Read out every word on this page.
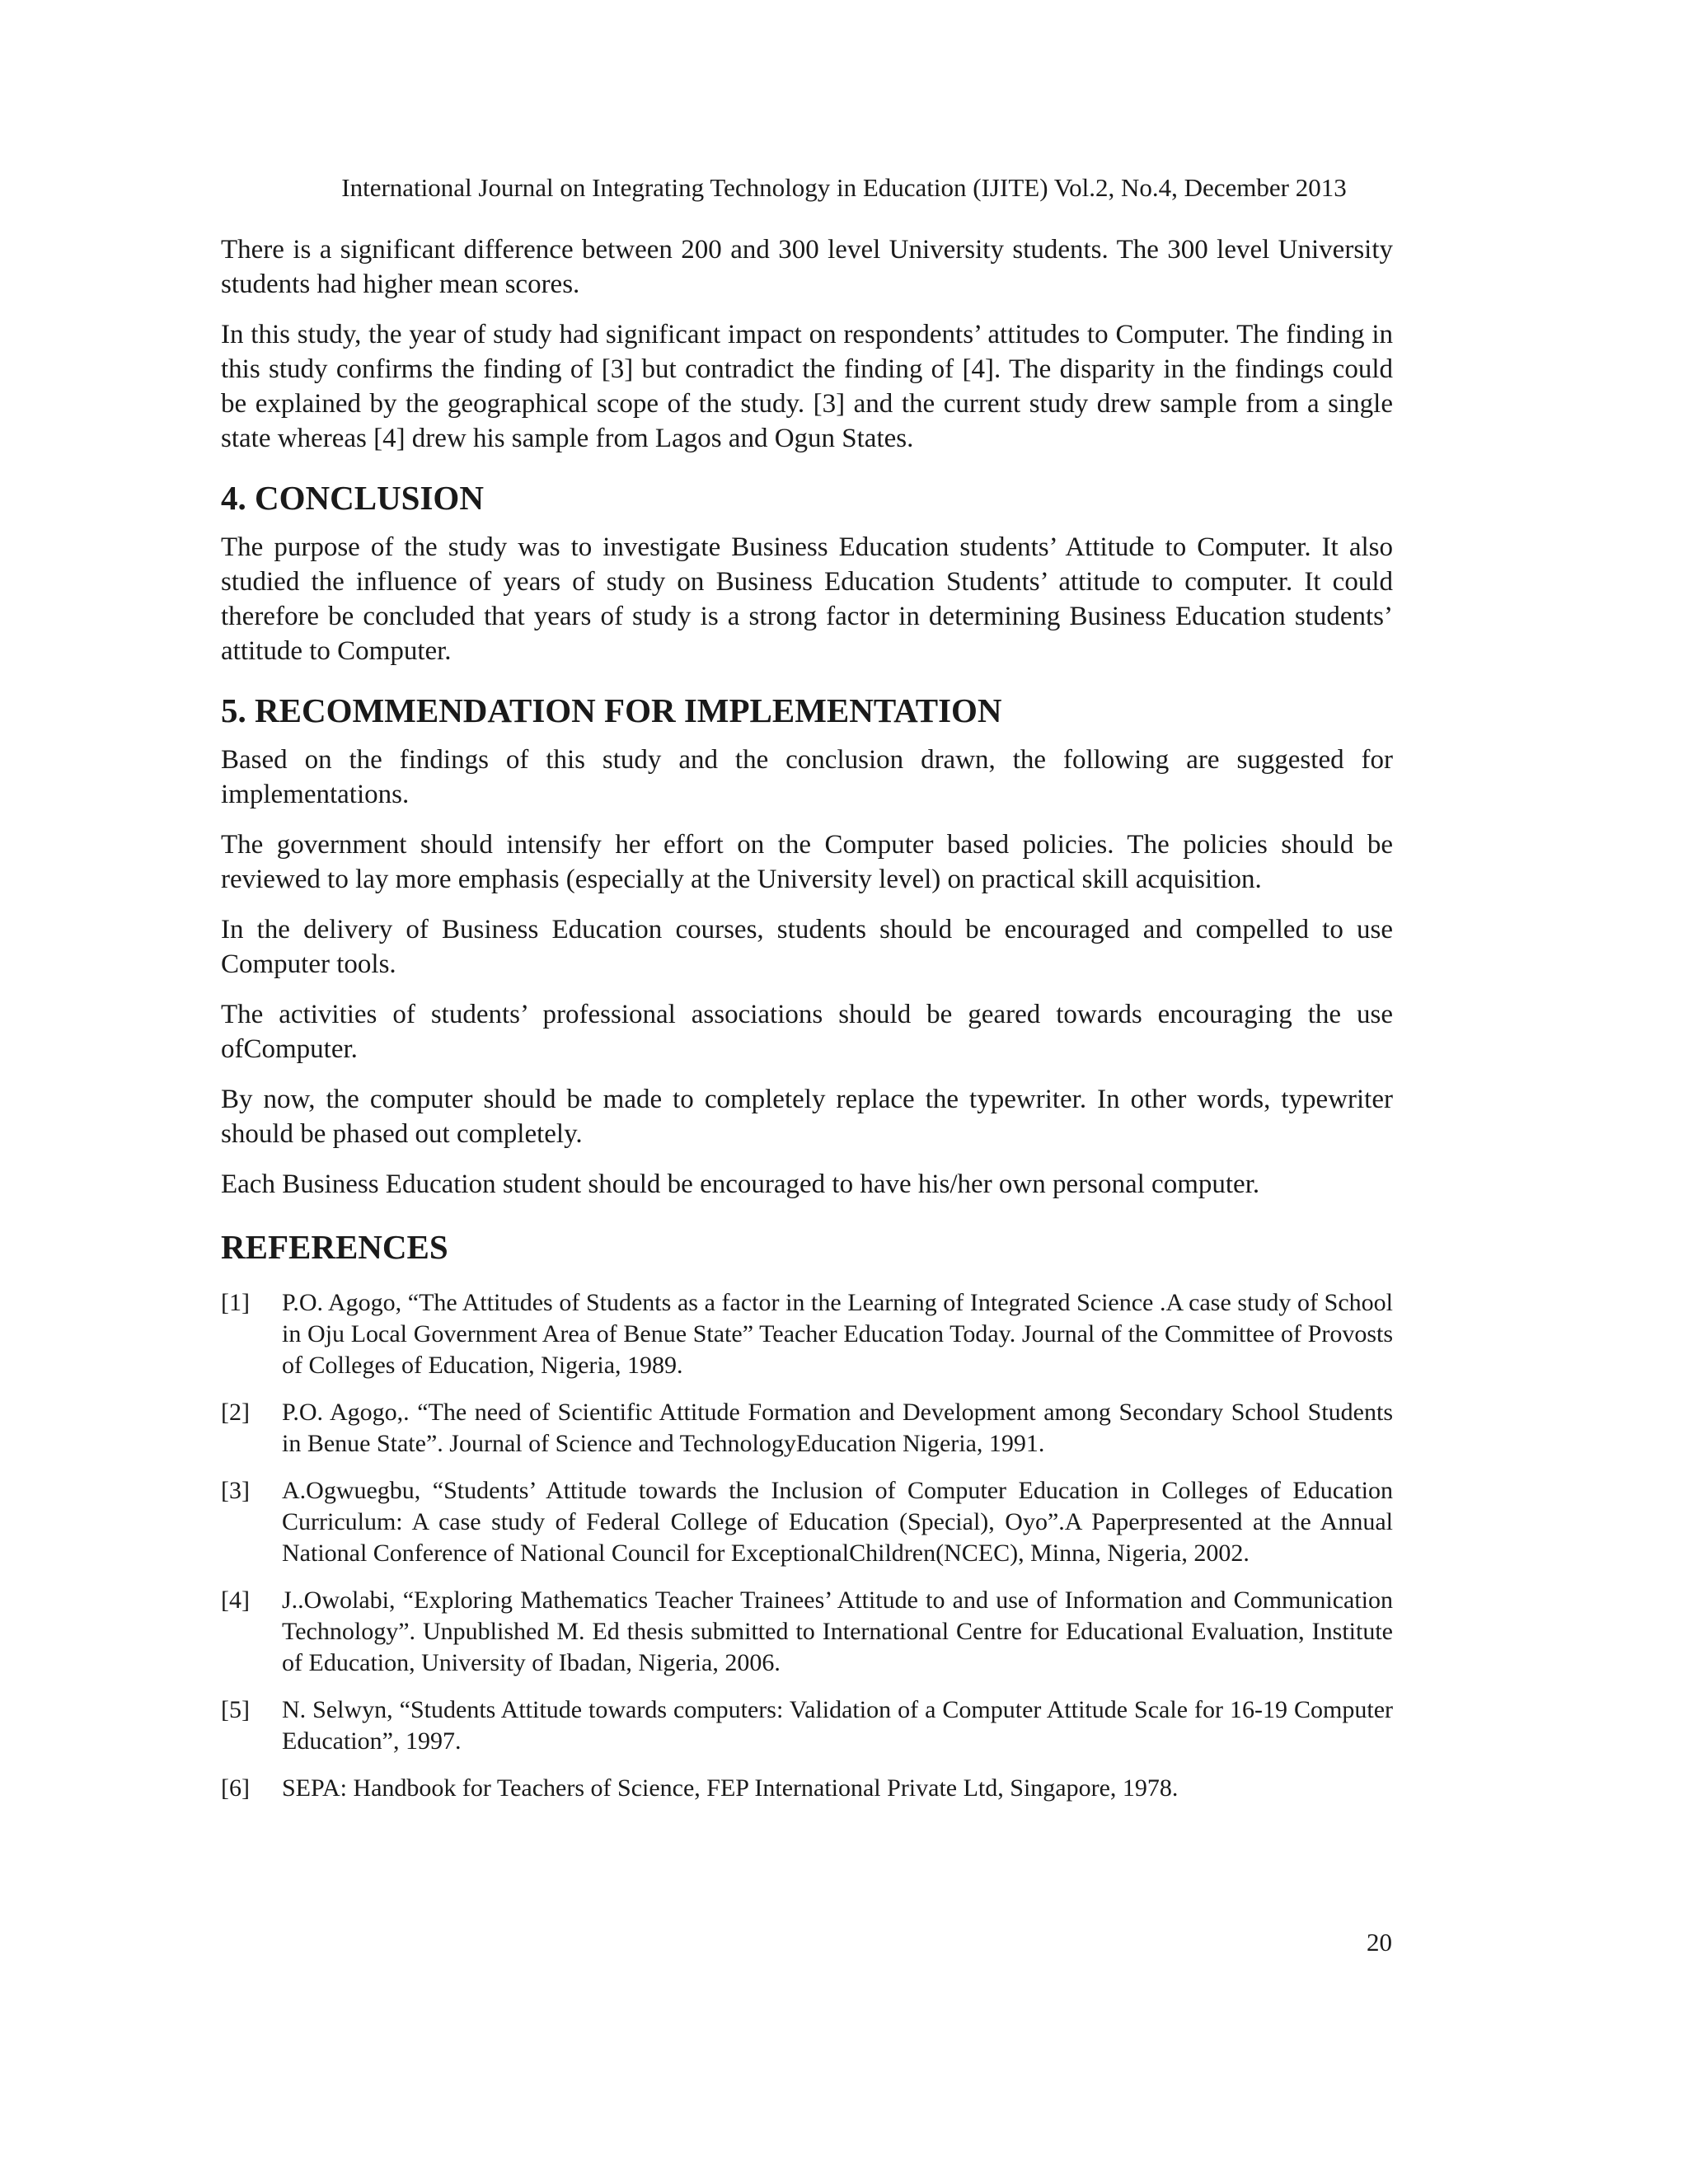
International Journal on Integrating Technology in Education (IJITE) Vol.2, No.4, December 2013

There is a significant difference between 200 and 300 level University students. The 300 level University students had higher mean scores.

In this study, the year of study had significant impact on respondents’ attitudes to Computer. The finding in this study confirms the finding of [3] but contradict the finding of [4]. The disparity in the findings could be explained by the geographical scope of the study. [3] and the current study drew sample from a single state whereas [4] drew his sample from Lagos and Ogun States.

4. CONCLUSION

The purpose of the study was to investigate Business Education students’ Attitude to Computer. It also studied the influence of years of study on Business Education Students’ attitude to computer. It could therefore be concluded that years of study is a strong factor in determining Business Education students’ attitude to Computer.

5. RECOMMENDATION FOR IMPLEMENTATION

Based on the findings of this study and the conclusion drawn, the following are suggested for implementations.

The government should intensify her effort on the Computer based policies. The policies should be reviewed to lay more emphasis (especially at the University level) on practical skill acquisition.

In the delivery of Business Education courses, students should be encouraged and compelled to use Computer tools.

The activities of students’ professional associations should be geared towards encouraging the use ofComputer.

By now, the computer should be made to completely replace the typewriter. In other words, typewriter should be phased out completely.

Each Business Education student should be encouraged to have his/her own personal computer.

REFERENCES
[1]	P.O. Agogo, “The Attitudes of Students as a factor in the Learning of Integrated Science .A case study of School in Oju Local Government Area of Benue State” Teacher Education Today. Journal of the Committee of Provosts of Colleges of Education, Nigeria, 1989.
[2]	P.O. Agogo,. “The need of Scientific Attitude Formation and Development among Secondary School Students in Benue State”. Journal of Science and TechnologyEducation Nigeria, 1991.
[3]	A.Ogwuegbu, “Students’ Attitude towards the Inclusion of Computer Education in Colleges of Education Curriculum: A case study of Federal College of Education (Special), Oyo”.A Paperpresented at the Annual National Conference of National Council for ExceptionalChildren(NCEC), Minna, Nigeria, 2002.
[4]	J..Owolabi, “Exploring Mathematics Teacher Trainees’ Attitude to and use of Information and Communication Technology”. Unpublished M. Ed thesis submitted to International Centre for Educational Evaluation, Institute of Education, University of Ibadan, Nigeria, 2006.
[5]	N. Selwyn, “Students Attitude towards computers: Validation of a Computer Attitude Scale for 16-19 Computer Education”, 1997.
[6]	SEPA: Handbook for Teachers of Science, FEP International Private Ltd, Singapore, 1978.
20
